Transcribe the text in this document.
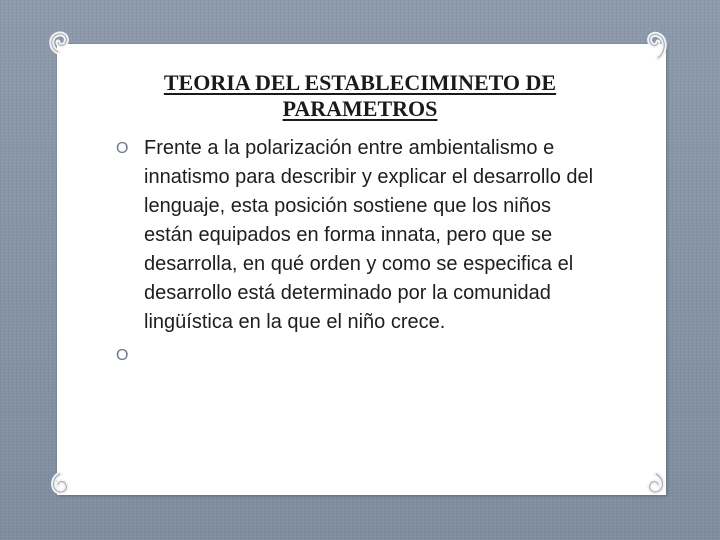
TEORIA DEL ESTABLECIMINETO DE PARAMETROS
O Frente a la polarización entre ambientalismo e innatismo para describir y explicar el desarrollo del lenguaje, esta posición sostiene que los niños están equipados en forma innata, pero que se desarrolla, en qué orden y como se especifica el desarrollo está determinado por la comunidad lingüística en la que el niño crece.
O
